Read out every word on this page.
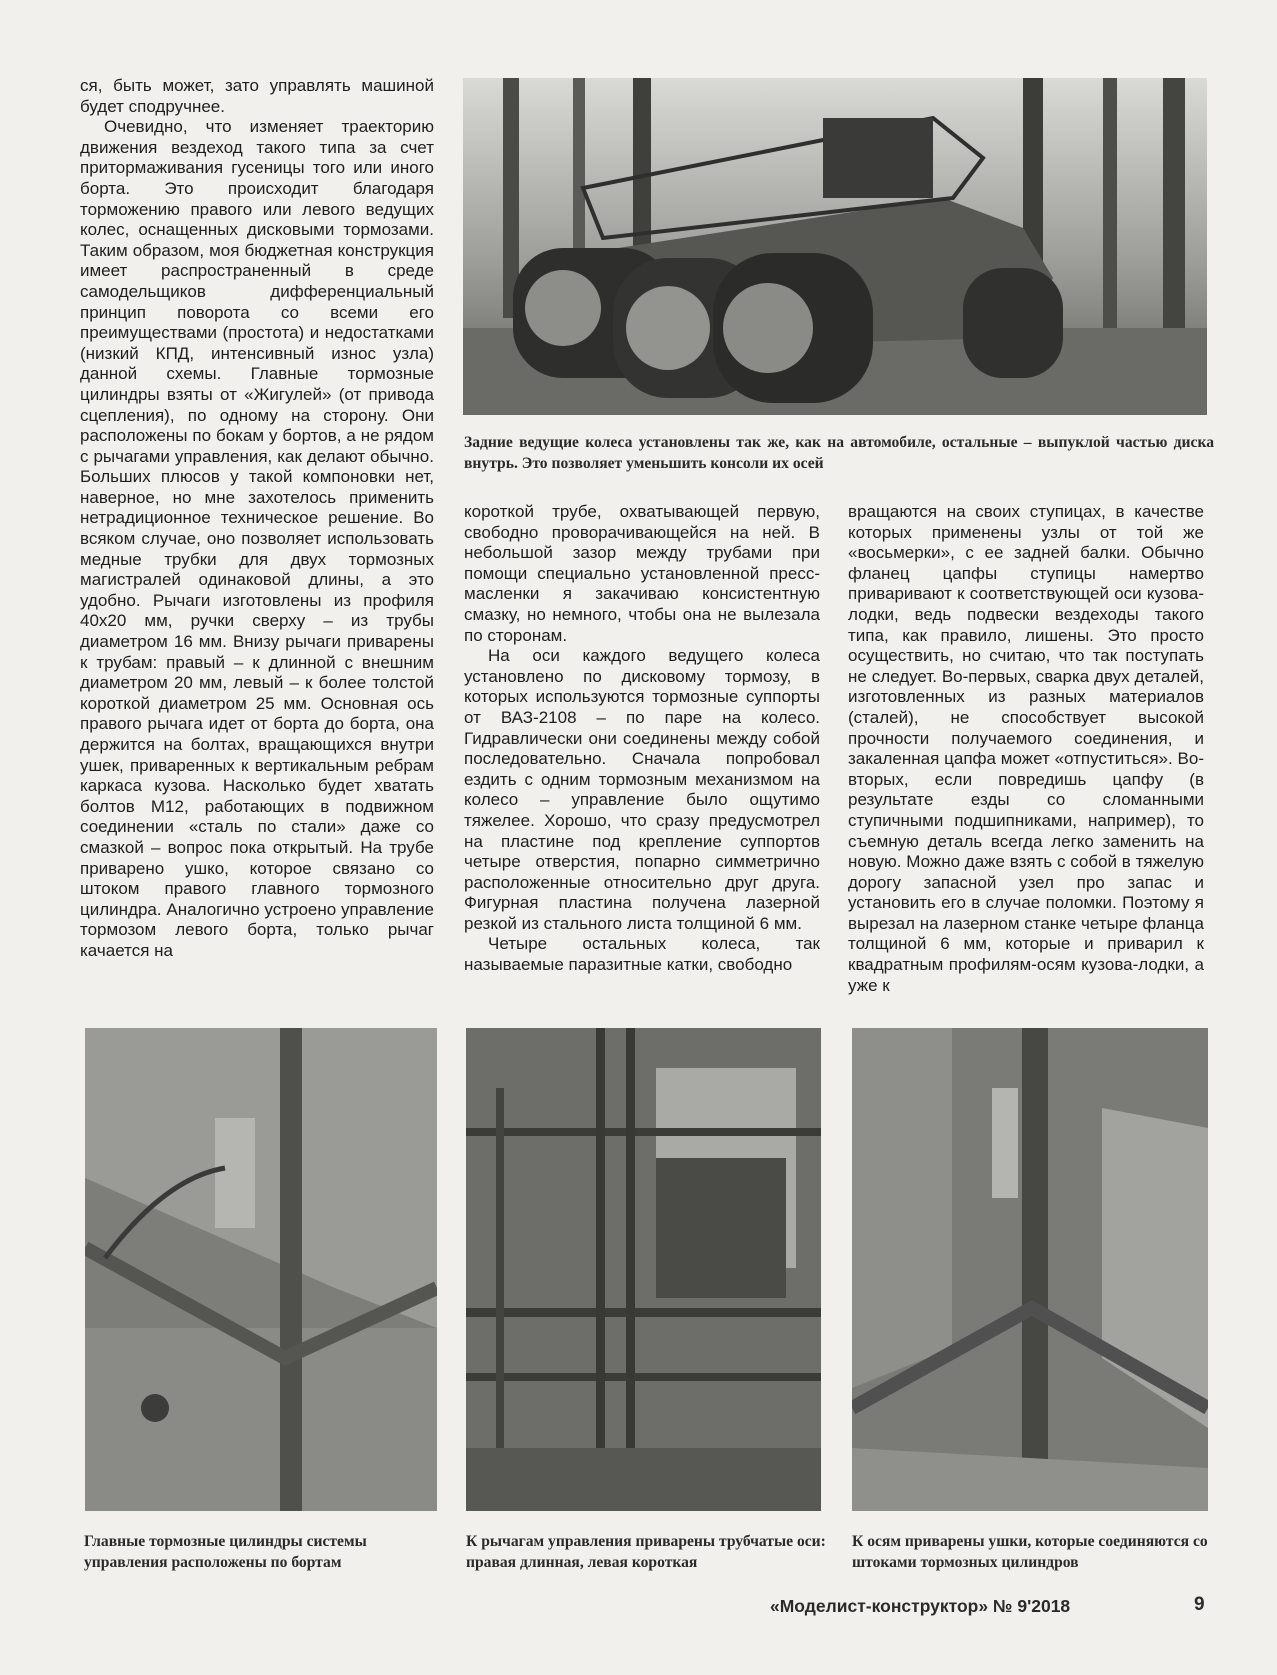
ся, быть может, зато управлять машиной будет сподручнее.

Очевидно, что изменяет траекторию движения вездеход такого типа за счет притормаживания гусеницы того или иного борта. Это происходит благодаря торможению правого или левого ведущих колес, оснащенных дисковыми тормозами. Таким образом, моя бюджетная конструкция имеет распространенный в среде самодельщиков дифференциальный принцип поворота со всеми его преимуществами (простота) и недостатками (низкий КПД, интенсивный износ узла) данной схемы. Главные тормозные цилиндры взяты от «Жигулей» (от привода сцепления), по одному на сторону. Они расположены по бокам у бортов, а не рядом с рычагами управления, как делают обычно. Больших плюсов у такой компоновки нет, наверное, но мне захотелось применить нетрадиционное техническое решение. Во всяком случае, оно позволяет использовать медные трубки для двух тормозных магистралей одинаковой длины, а это удобно. Рычаги изготовлены из профиля 40х20 мм, ручки сверху – из трубы диаметром 16 мм. Внизу рычаги приварены к трубам: правый – к длинной с внешним диаметром 20 мм, левый – к более толстой короткой диаметром 25 мм. Основная ось правого рычага идет от борта до борта, она держится на болтах, вращающихся внутри ушек, приваренных к вертикальным ребрам каркаса кузова. Насколько будет хватать болтов М12, работающих в подвижном соединении «сталь по стали» даже со смазкой – вопрос пока открытый. На трубе приварено ушко, которое связано со штоком правого главного тормозного цилиндра. Аналогично устроено управление тормозом левого борта, только рычаг качается на

короткой трубе, охватывающей первую, свободно проворачивающейся на ней. В небольшой зазор между трубами при помощи специально установленной пресс-масленки я закачиваю консистентную смазку, но немного, чтобы она не вылезала по сторонам.

На оси каждого ведущего колеса установлено по дисковому тормозу, в которых используются тормозные суппорты от ВАЗ-2108 – по паре на колесо. Гидравлически они соединены между собой последовательно. Сначала попробовал ездить с одним тормозным механизмом на колесо – управление было ощутимо тяжелее. Хорошо, что сразу предусмотрел на пластине под крепление суппортов четыре отверстия, попарно симметрично расположенные относительно друг друга. Фигурная пластина получена лазерной резкой из стального листа толщиной 6 мм.

Четыре остальных колеса, так называемые паразитные катки, свободно

вращаются на своих ступицах, в качестве которых применены узлы от той же «восьмерки», с ее задней балки. Обычно фланец цапфы ступицы намертво приваривают к соответствующей оси кузова-лодки, ведь подвески вездеходы такого типа, как правило, лишены. Это просто осуществить, но считаю, что так поступать не следует. Во-первых, сварка двух деталей, изготовленных из разных материалов (сталей), не способствует высокой прочности получаемого соединения, и закаленная цапфа может «отпуститься». Во-вторых, если повредишь цапфу (в результате езды со сломанными ступичными подшипниками, например), то съемную деталь всегда легко заменить на новую. Можно даже взять с собой в тяжелую дорогу запасной узел про запас и установить его в случае поломки. Поэтому я вырезал на лазерном станке четыре фланца толщиной 6 мм, которые и приварил к квадратным профилям-осям кузова-лодки, а уже к

Задние ведущие колеса установлены так же, как на автомобиле, остальные – выпуклой частью диска внутрь. Это позволяет уменьшить консоли их осей
Главные тормозные цилиндры системы управления расположены по бортам
К рычагам управления приварены трубчатые оси: правая длинная, левая короткая
К осям приварены ушки, которые соединяются со штоками тормозных цилиндров
«Моделист-конструктор» № 9'2018	9
